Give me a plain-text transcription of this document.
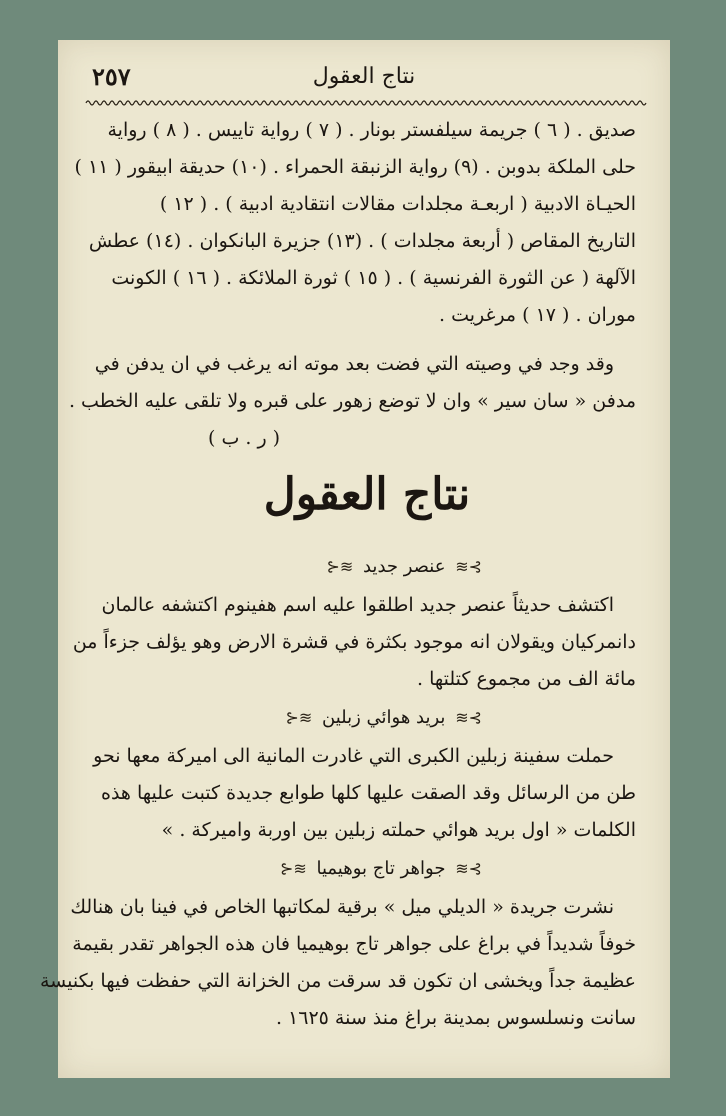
نتاج العقول
٢٥٧
صديق . ( ٦ ) جريمة سيلفستر بونار . ( ٧ ) رواية تاييس . ( ٨ ) رواية
حلى الملكة بدوبن . (٩) رواية الزنبقة الحمراء . (١٠) حديقة ابيقور ( ١١ )
الحيـاة الادبية ( اربعـة مجلدات مقالات انتقادية ادبية ) . ( ١٢ )
التاريخ المقاص ( أربعة مجلدات ) . (١٣) جزيرة البانكوان . (١٤) عطش
الآلهة ( عن الثورة الفرنسية ) . ( ١٥ ) ثورة الملائكة . ( ١٦ ) الكونت
موران . ( ١٧ ) مرغريت .
وقد وجد في وصيته التي فضت بعد موته انه يرغب في ان يدفن في
مدفن « سان سير » وان لا توضع زهور على قبره ولا تلقى عليه الخطب .
( ر . ب )
نتاج العقول
⊱≋ عنصر جديد ≋⊰
اكتشف حديثاً عنصر جديد اطلقوا عليه اسم هفينوم اكتشفه عالمان
دانمركيان ويقولان انه موجود بكثرة في قشرة الارض وهو يؤلف جزءاً من
مائة الف من مجموع كتلتها .
⊱≋ بريد هوائي زبلين ≋⊰
حملت سفينة زبلين الكبرى التي غادرت المانية الى اميركة معها نحو
طن من الرسائل وقد الصقت عليها كلها طوابع جديدة كتبت عليها هذه
الكلمات « اول بريد هوائي حملته زبلين بين اوربة واميركة . »
⊱≋ جواهر تاج بوهيميا ≋⊰
نشرت جريدة « الديلي ميل » برقية لمكاتبها الخاص في فينا بان هنالك
خوفاً شديداً في براغ على جواهر تاج بوهيميا فان هذه الجواهر تقدر بقيمة
عظيمة جداً ويخشى ان تكون قد سرقت من الخزانة التي حفظت فيها بكنيسة
سانت ونسلسوس بمدينة براغ منذ سنة ١٦٢٥ .
